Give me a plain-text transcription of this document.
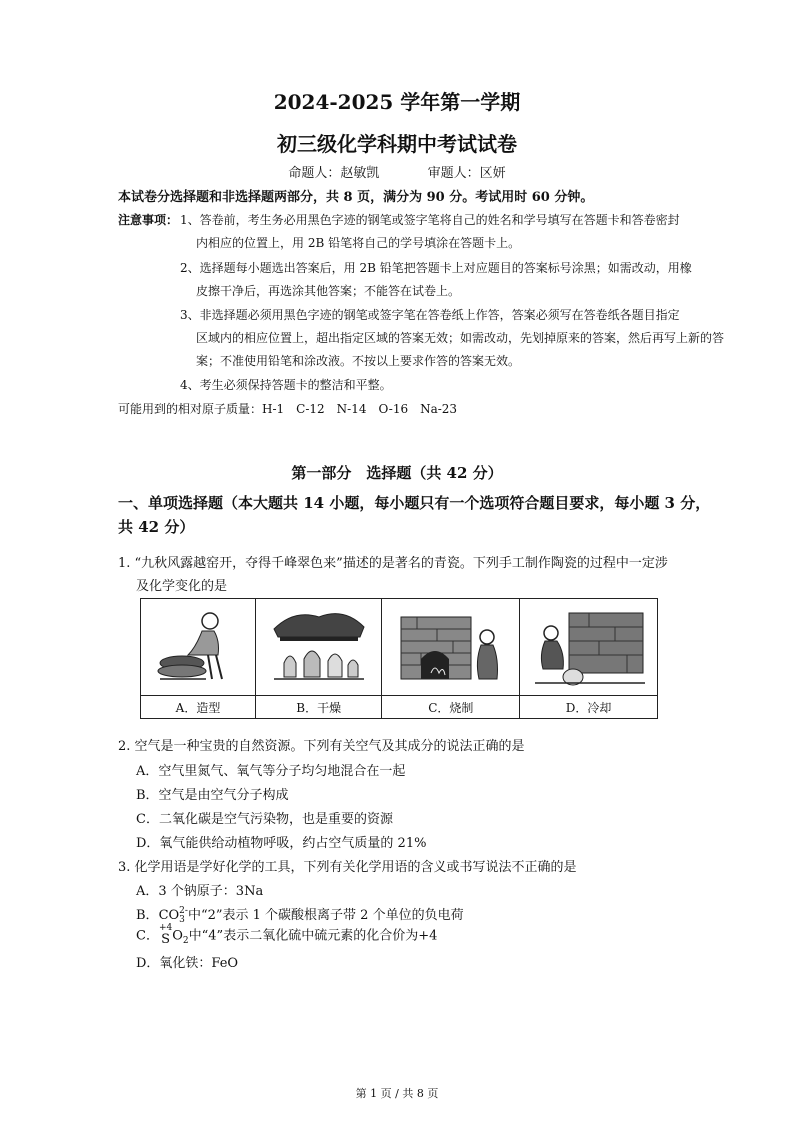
2024-2025 学年第一学期
初三级化学科期中考试试卷
命题人：赵敏凯	审题人：区妍
本试卷分选择题和非选择题两部分，共 8 页，满分为 90 分。考试用时 60 分钟。
注意事项： 1、答卷前，考生务必用黑色字迹的钢笔或签字笔将自己的姓名和学号填写在答题卡和答卷密封
内相应的位置上，用 2B 铅笔将自己的学号填涂在答题卡上。
2、选择题每小题选出答案后，用 2B 铅笔把答题卡上对应题目的答案标号涂黑；如需改动，用橡
皮擦干净后，再选涂其他答案；不能答在试卷上。
3、非选择题必须用黑色字迹的钢笔或签字笔在答卷纸上作答，答案必须写在答卷纸各题目指定
区域内的相应位置上，超出指定区域的答案无效；如需改动，先划掉原来的答案，然后再写上新的答
案；不准使用铅笔和涂改液。不按以上要求作答的答案无效。
4、考生必须保持答题卡的整洁和平整。
可能用到的相对原子质量：H-1　C-12　N-14　O-16　Na-23
第一部分　选择题（共 42 分）
一、单项选择题（本大题共 14 小题，每小题只有一个选项符合题目要求，每小题 3 分，
共 42 分）
1. “九秋风露越窑开，夺得千峰翠色来”描述的是著名的青瓷。下列手工制作陶瓷的过程中一定涉
及化学变化的是

A．造型	B．干燥	C．烧制	D．冷却
2. 空气是一种宝贵的自然资源。下列有关空气及其成分的说法正确的是
A．空气里氮气、氧气等分子均匀地混合在一起
B．空气是由空气分子构成
C．二氧化碳是空气污染物，也是重要的资源
D．氧气能供给动植物呼吸，约占空气质量的 21%
3. 化学用语是学好化学的工具，下列有关化学用语的含义或书写说法不正确的是
A．3 个钠原子：3Na
B．CO 2-
3 中“2”表示 1 个碳酸根离子带 2 个单位的负电荷
C．
+4
S $O_2$中“4”表示二氧化硫中硫元素的化合价为+4
D．氧化铁：FeO
第 1 页 / 共 8 页
